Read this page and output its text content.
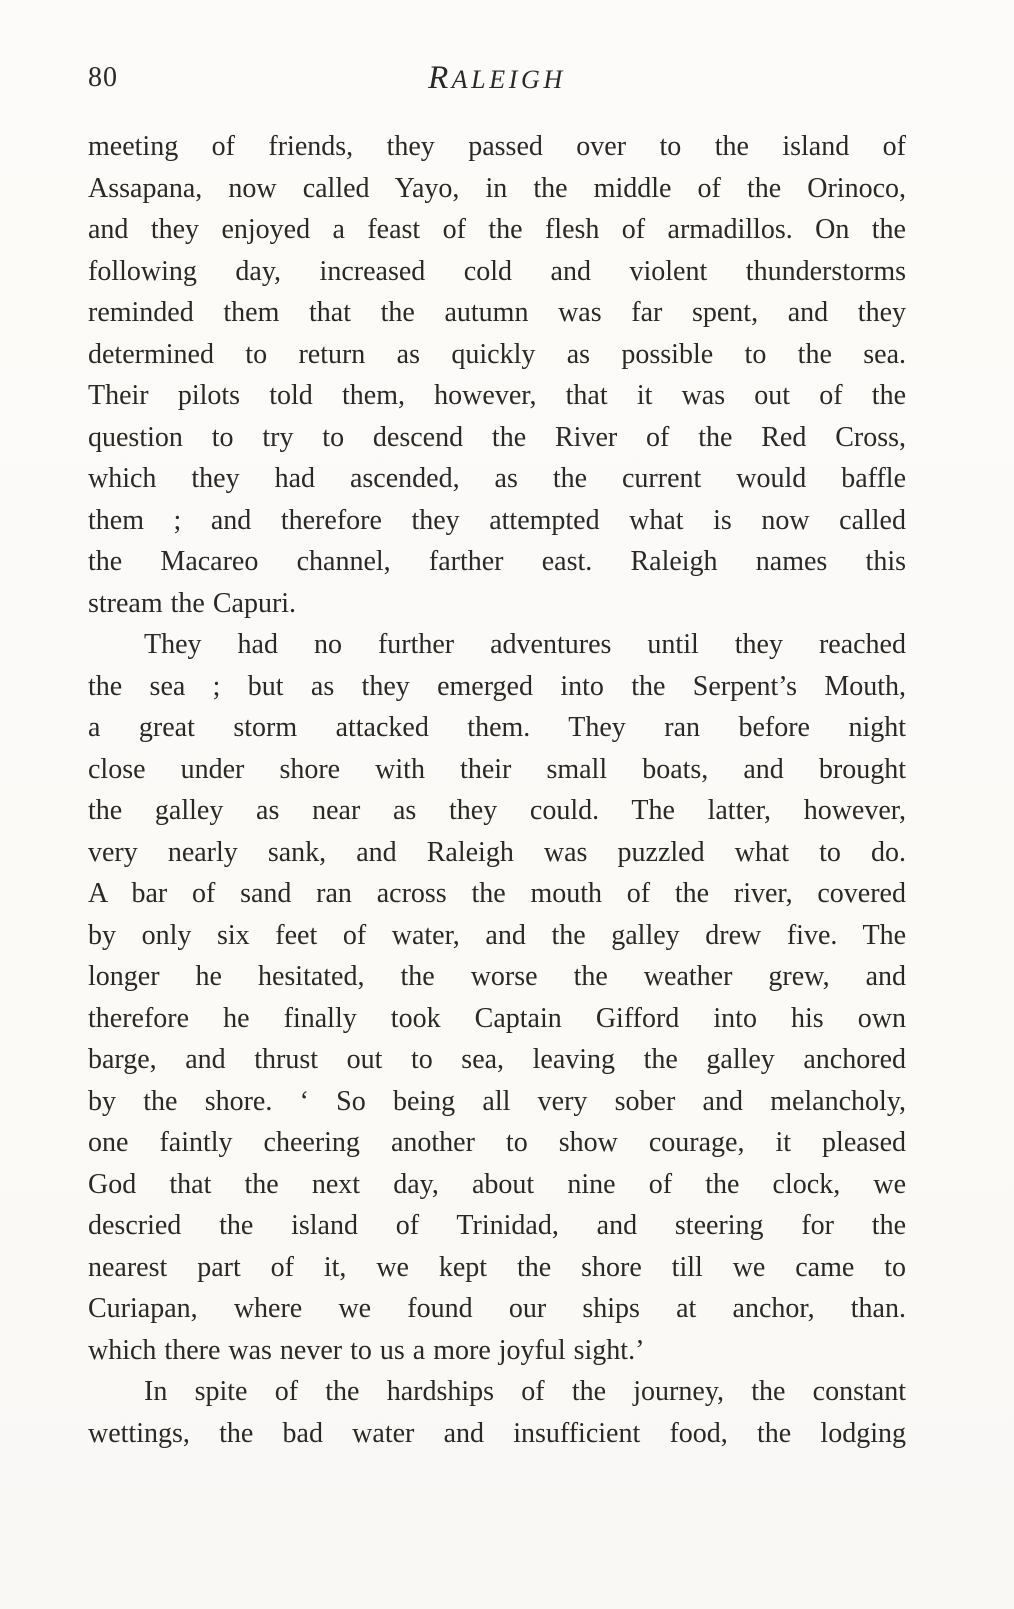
80	RALEIGH
meeting of friends, they passed over to the island of
Assapana, now called Yayo, in the middle of the Orinoco,
and they enjoyed a feast of the flesh of armadillos. On the
following day, increased cold and violent thunderstorms
reminded them that the autumn was far spent, and they
determined to return as quickly as possible to the sea.
Their pilots told them, however, that it was out of the
question to try to descend the River of the Red Cross,
which they had ascended, as the current would baffle
them ; and therefore they attempted what is now called
the Macareo channel, farther east. Raleigh names this
stream the Capuri.
They had no further adventures until they reached
the sea ; but as they emerged into the Serpent’s Mouth,
a great storm attacked them. They ran before night
close under shore with their small boats, and brought
the galley as near as they could. The latter, however,
very nearly sank, and Raleigh was puzzled what to do.
A bar of sand ran across the mouth of the river, covered
by only six feet of water, and the galley drew five. The
longer he hesitated, the worse the weather grew, and
therefore he finally took Captain Gifford into his own
barge, and thrust out to sea, leaving the galley anchored
by the shore. ‘ So being all very sober and melancholy,
one faintly cheering another to show courage, it pleased
God that the next day, about nine of the clock, we
descried the island of Trinidad, and steering for the
nearest part of it, we kept the shore till we came to
Curiapan, where we found our ships at anchor, than.
which there was never to us a more joyful sight.’
In spite of the hardships of the journey, the constant
wettings, the bad water and insufficient food, the lodging
